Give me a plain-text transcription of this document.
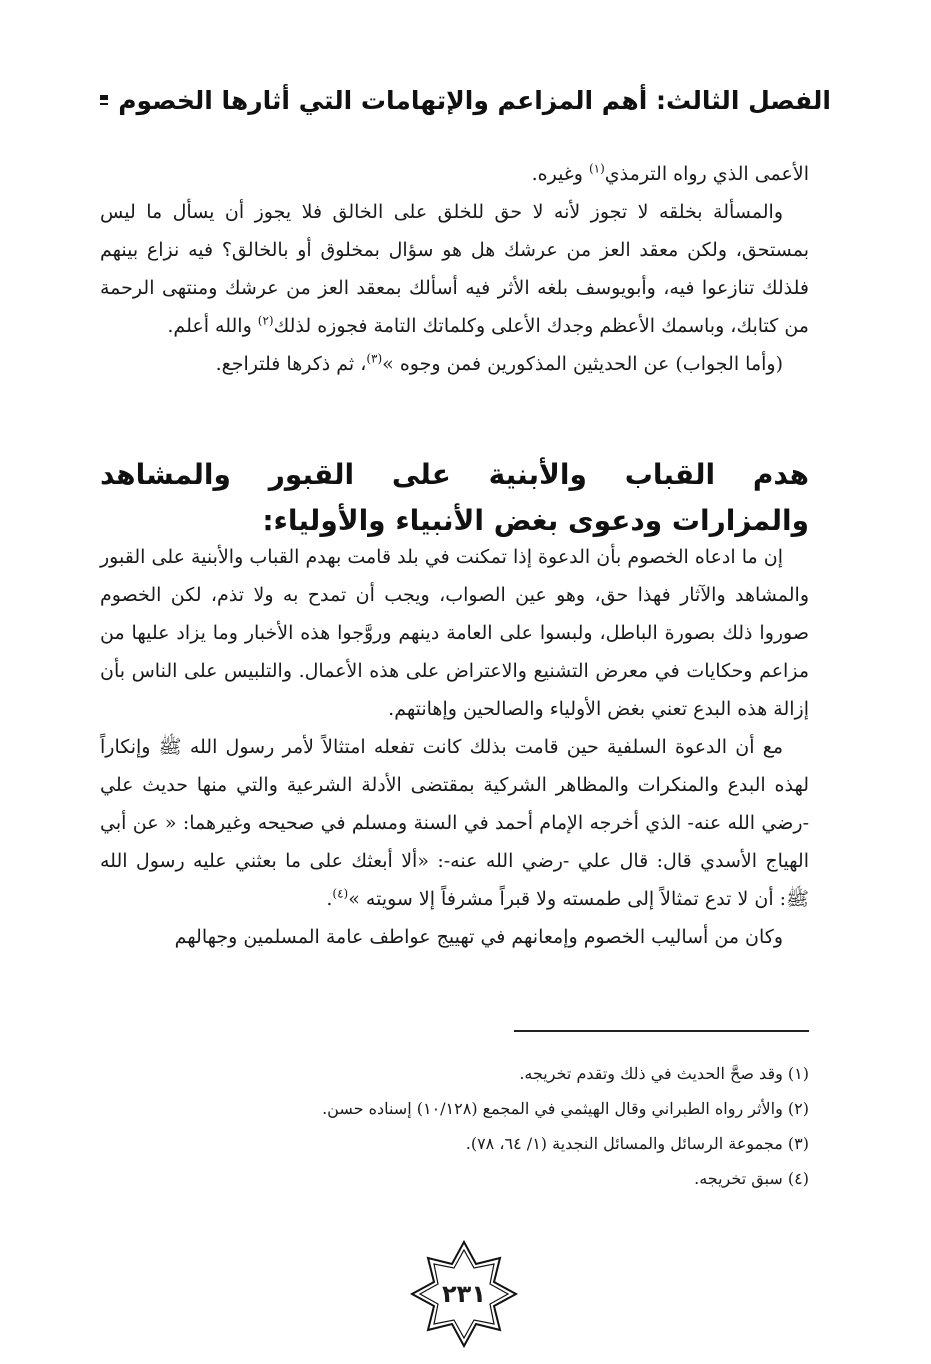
الفصل الثالث: أهم المزاعم والإتهامات التي أثارها الخصوم

الأعمى الذي رواه الترمذي$^{(١)}$ وغيره.

والمسألة بخلقه لا تجوز لأنه لا حق للخلق على الخالق فلا يجوز أن يسأل ما ليس بمستحق، ولكن معقد العز من عرشك هل هو سؤال بمخلوق أو بالخالق؟ فيه نزاع بينهم فلذلك تنازعوا فيه، وأبويوسف بلغه الأثر فيه أسألك بمعقد العز من عرشك ومنتهى الرحمة من كتابك، وباسمك الأعظم وجدك الأعلى وكلماتك التامة فجوزه لذلك$^{(٢)}$ والله أعلم.

(وأما الجواب) عن الحديثين المذكورين فمن وجوه »$^{(٣)}$، ثم ذكرها فلتراجع.

هدم القباب والأبنية على القبور والمشاهد والمزارات ودعوى بغض الأنبياء والأولياء:

إن ما ادعاه الخصوم بأن الدعوة إذا تمكنت في بلد قامت بهدم القباب والأبنية على القبور والمشاهد والآثار فهذا حق، وهو عين الصواب، ويجب أن تمدح به ولا تذم، لكن الخصوم صوروا ذلك بصورة الباطل، ولبسوا على العامة دينهم وروَّجوا هذه الأخبار وما يزاد عليها من مزاعم وحكايات في معرض التشنيع والاعتراض على هذه الأعمال. والتلبيس على الناس بأن إزالة هذه البدع تعني بغض الأولياء والصالحين وإهانتهم.

مع أن الدعوة السلفية حين قامت بذلك كانت تفعله امتثالاً لأمر رسول الله ﷺ وإنكاراً لهذه البدع والمنكرات والمظاهر الشركية بمقتضى الأدلة الشرعية والتي منها حديث علي -رضي الله عنه- الذي أخرجه الإمام أحمد في السنة ومسلم في صحيحه وغيرهما: « عن أبي الهياج الأسدي قال: قال علي -رضي الله عنه-: «ألا أبعثك على ما بعثني عليه رسول الله ﷺ: أن لا تدع تمثالاً إلى طمسته ولا قبراً مشرفاً إلا سويته »$^{(٤)}$.

وكان من أساليب الخصوم وإمعانهم في تهييج عواطف عامة المسلمين وجهالهم

(١) وقد صحَّ الحديث في ذلك وتقدم تخريجه.
(٢) والأثر رواه الطبراني وقال الهيثمي في المجمع (١٠/١٢٨) إسناده حسن.
(٣) مجموعة الرسائل والمسائل النجدية (١/ ٦٤، ٧٨).
(٤) سبق تخريجه.
٢٣١
